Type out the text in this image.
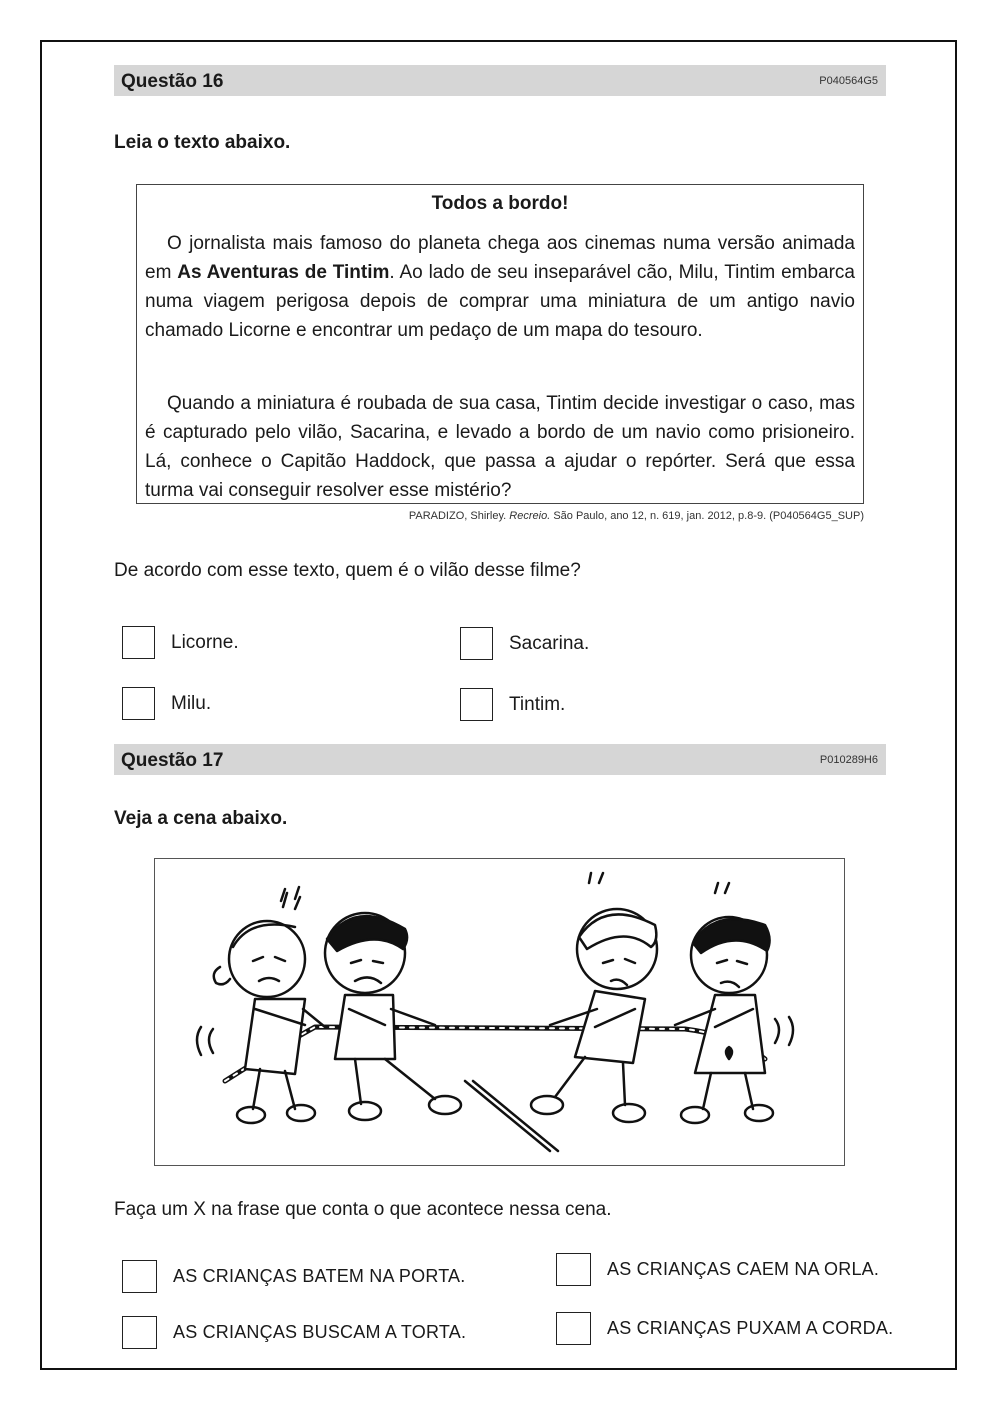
Questão 16	P040564G5
Leia o texto abaixo.
Todos a bordo!

O jornalista mais famoso do planeta chega aos cinemas numa versão animada em As Aventuras de Tintim. Ao lado de seu inseparável cão, Milu, Tintim embarca numa viagem perigosa depois de comprar uma miniatura de um antigo navio chamado Licorne e encontrar um pedaço de um mapa do tesouro.

Quando a miniatura é roubada de sua casa, Tintim decide investigar o caso, mas é capturado pelo vilão, Sacarina, e levado a bordo de um navio como prisioneiro. Lá, conhece o Capitão Haddock, que passa a ajudar o repórter. Será que essa turma vai conseguir resolver esse mistério?

PARADIZO, Shirley. Recreio. São Paulo, ano 12, n. 619, jan. 2012, p.8-9. (P040564G5_SUP)
De acordo com esse texto, quem é o vilão desse filme?
Licorne.	Sacarina.
Milu.	Tintim.
Questão 17	P010289H6
Veja a cena abaixo.
Faça um X na frase que conta o que acontece nessa cena.
AS CRIANÇAS BATEM NA PORTA.	AS CRIANÇAS CAEM NA ORLA.
AS CRIANÇAS BUSCAM A TORTA.	AS CRIANÇAS PUXAM A CORDA.
